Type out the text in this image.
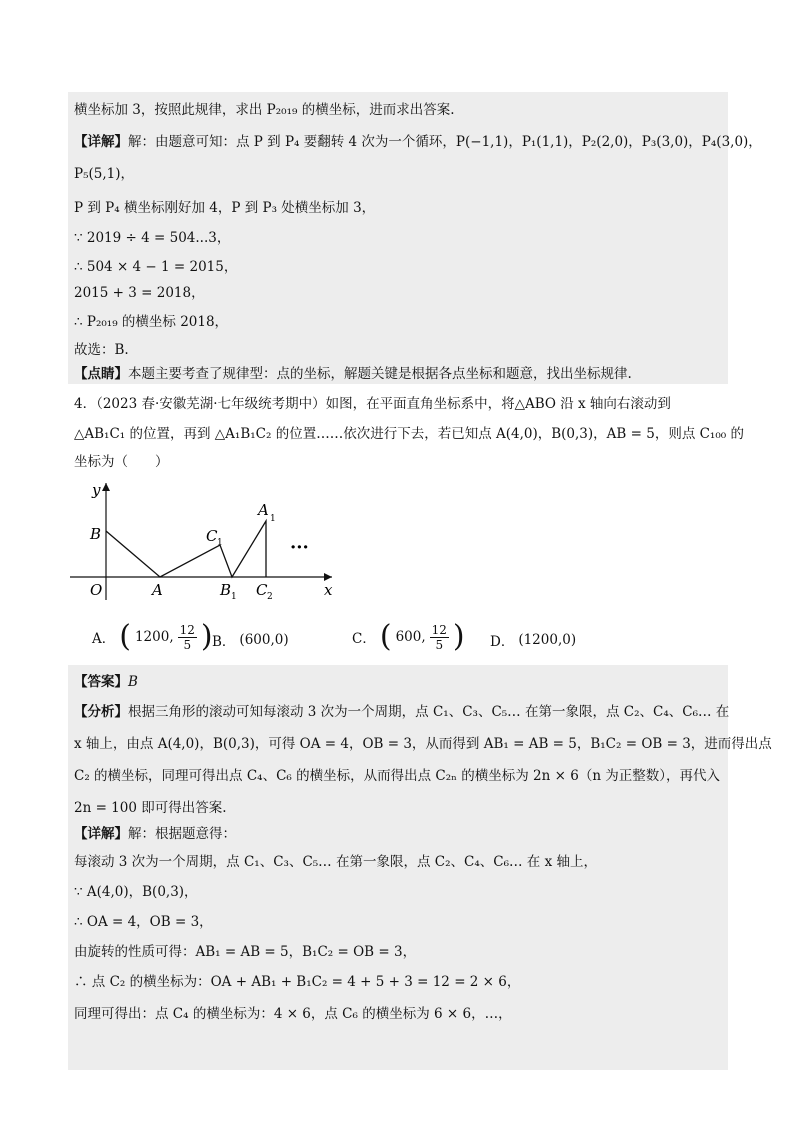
横坐标加 3，按照此规律，求出 P₂₀₁₉ 的横坐标，进而求出答案.
【详解】解：由题意可知：点 P 到 P₄ 要翻转 4 次为一个循环，P(−1,1)，P₁(1,1)，P₂(2,0)，P₃(3,0)，P₄(3,0)，
P₅(5,1)，
P 到 P₄ 横坐标刚好加 4，P 到 P₃ 处横坐标加 3，
∵ 2019 ÷ 4 = 504...3，
∴ 504 × 4 − 1 = 2015，
2015 + 3 = 2018，
∴ P₂₀₁₉ 的横坐标 2018，
故选：B.
【点睛】本题主要考查了规律型：点的坐标，解题关键是根据各点坐标和题意，找出坐标规律.
4．（2023 春·安徽芜湖·七年级统考期中）如图，在平面直角坐标系中，将△ABO 沿 x 轴向右滚动到
△AB₁C₁ 的位置，再到 △A₁B₁C₂ 的位置……依次进行下去，若已知点 A(4,0)，B(0,3)，AB = 5，则点 C₁₀₀ 的
坐标为（　　）
y
x
B
O	A
C 1
B 1 C 2
A 1
···
A． ( 1200, $\frac{12}{5}$ ) B． (600,0)	C． ( 600, $\frac{12}{5}$ ) D． (1200,0)
【答案】B
【分析】根据三角形的滚动可知每滚动 3 次为一个周期，点 C₁、C₃、C₅… 在第一象限，点 C₂、C₄、C₆… 在
x 轴上，由点 A(4,0)，B(0,3)，可得 OA = 4，OB = 3，从而得到 AB₁ = AB = 5，B₁C₂ = OB = 3，进而得出点
C₂ 的横坐标，同理可得出点 C₄、C₆ 的横坐标，从而得出点 C₂ₙ 的横坐标为 2n × 6（n 为正整数），再代入
2n = 100 即可得出答案.
【详解】解：根据题意得：
每滚动 3 次为一个周期，点 C₁、C₃、C₅… 在第一象限，点 C₂、C₄、C₆… 在 x 轴上，
∵ A(4,0)，B(0,3)，
∴ OA = 4，OB = 3，
由旋转的性质可得：AB₁ = AB = 5，B₁C₂ = OB = 3，
∴ 点 C₂ 的横坐标为：OA + AB₁ + B₁C₂ = 4 + 5 + 3 = 12 = 2 × 6，
同理可得出：点 C₄ 的横坐标为：4 × 6，点 C₆ 的横坐标为 6 × 6，…，
